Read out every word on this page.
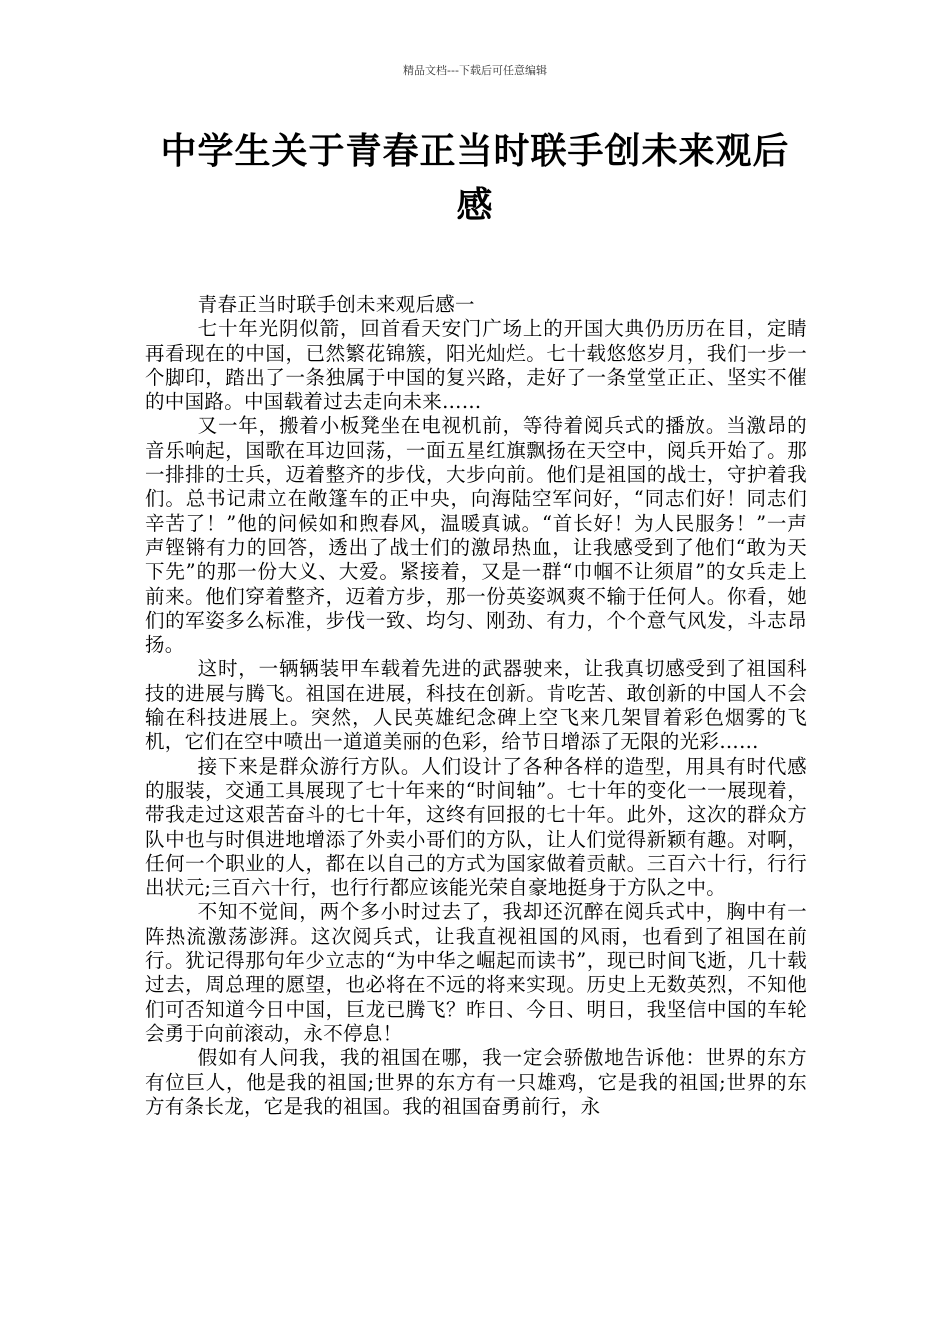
精品文档---下载后可任意编辑
中学生关于青春正当时联手创未来观后感

青春正当时联手创未来观后感一

七十年光阴似箭，回首看天安门广场上的开国大典仍历历在目，定睛再看现在的中国，已然繁花锦簇，阳光灿烂。七十载悠悠岁月，我们一步一个脚印，踏出了一条独属于中国的复兴路，走好了一条堂堂正正、坚实不催的中国路。中国载着过去走向未来……

又一年，搬着小板凳坐在电视机前，等待着阅兵式的播放。当激昂的音乐响起，国歌在耳边回荡，一面五星红旗飘扬在天空中，阅兵开始了。那一排排的士兵，迈着整齐的步伐，大步向前。他们是祖国的战士，守护着我们。总书记肃立在敞篷车的正中央，向海陆空军问好，“同志们好！同志们辛苦了！”他的问候如和煦春风，温暖真诚。“首长好！为人民服务！”一声声铿锵有力的回答，透出了战士们的激昂热血，让我感受到了他们“敢为天下先”的那一份大义、大爱。紧接着，又是一群“巾帼不让须眉”的女兵走上前来。他们穿着整齐，迈着方步，那一份英姿飒爽不输于任何人。你看，她们的军姿多么标准，步伐一致、均匀、刚劲、有力，个个意气风发，斗志昂扬。

这时，一辆辆装甲车载着先进的武器驶来，让我真切感受到了祖国科技的进展与腾飞。祖国在进展，科技在创新。肯吃苦、敢创新的中国人不会输在科技进展上。突然，人民英雄纪念碑上空飞来几架冒着彩色烟雾的飞机，它们在空中喷出一道道美丽的色彩，给节日增添了无限的光彩……

接下来是群众游行方队。人们设计了各种各样的造型，用具有时代感的服装，交通工具展现了七十年来的“时间轴”。七十年的变化一一展现着，带我走过这艰苦奋斗的七十年，这终有回报的七十年。此外，这次的群众方队中也与时俱进地增添了外卖小哥们的方队，让人们觉得新颖有趣。对啊，任何一个职业的人，都在以自己的方式为国家做着贡献。三百六十行，行行出状元;三百六十行，也行行都应该能光荣自豪地挺身于方队之中。

不知不觉间，两个多小时过去了，我却还沉醉在阅兵式中，胸中有一阵热流激荡澎湃。这次阅兵式，让我直视祖国的风雨，也看到了祖国在前行。犹记得那句年少立志的“为中华之崛起而读书”，现已时间飞逝，几十载过去，周总理的愿望，也必将在不远的将来实现。历史上无数英烈，不知他们可否知道今日中国，巨龙已腾飞？昨日、今日、明日，我坚信中国的车轮会勇于向前滚动，永不停息！

假如有人问我，我的祖国在哪，我一定会骄傲地告诉他：世界的东方有位巨人，他是我的祖国;世界的东方有一只雄鸡，它是我的祖国;世界的东方有条长龙，它是我的祖国。我的祖国奋勇前行，永
